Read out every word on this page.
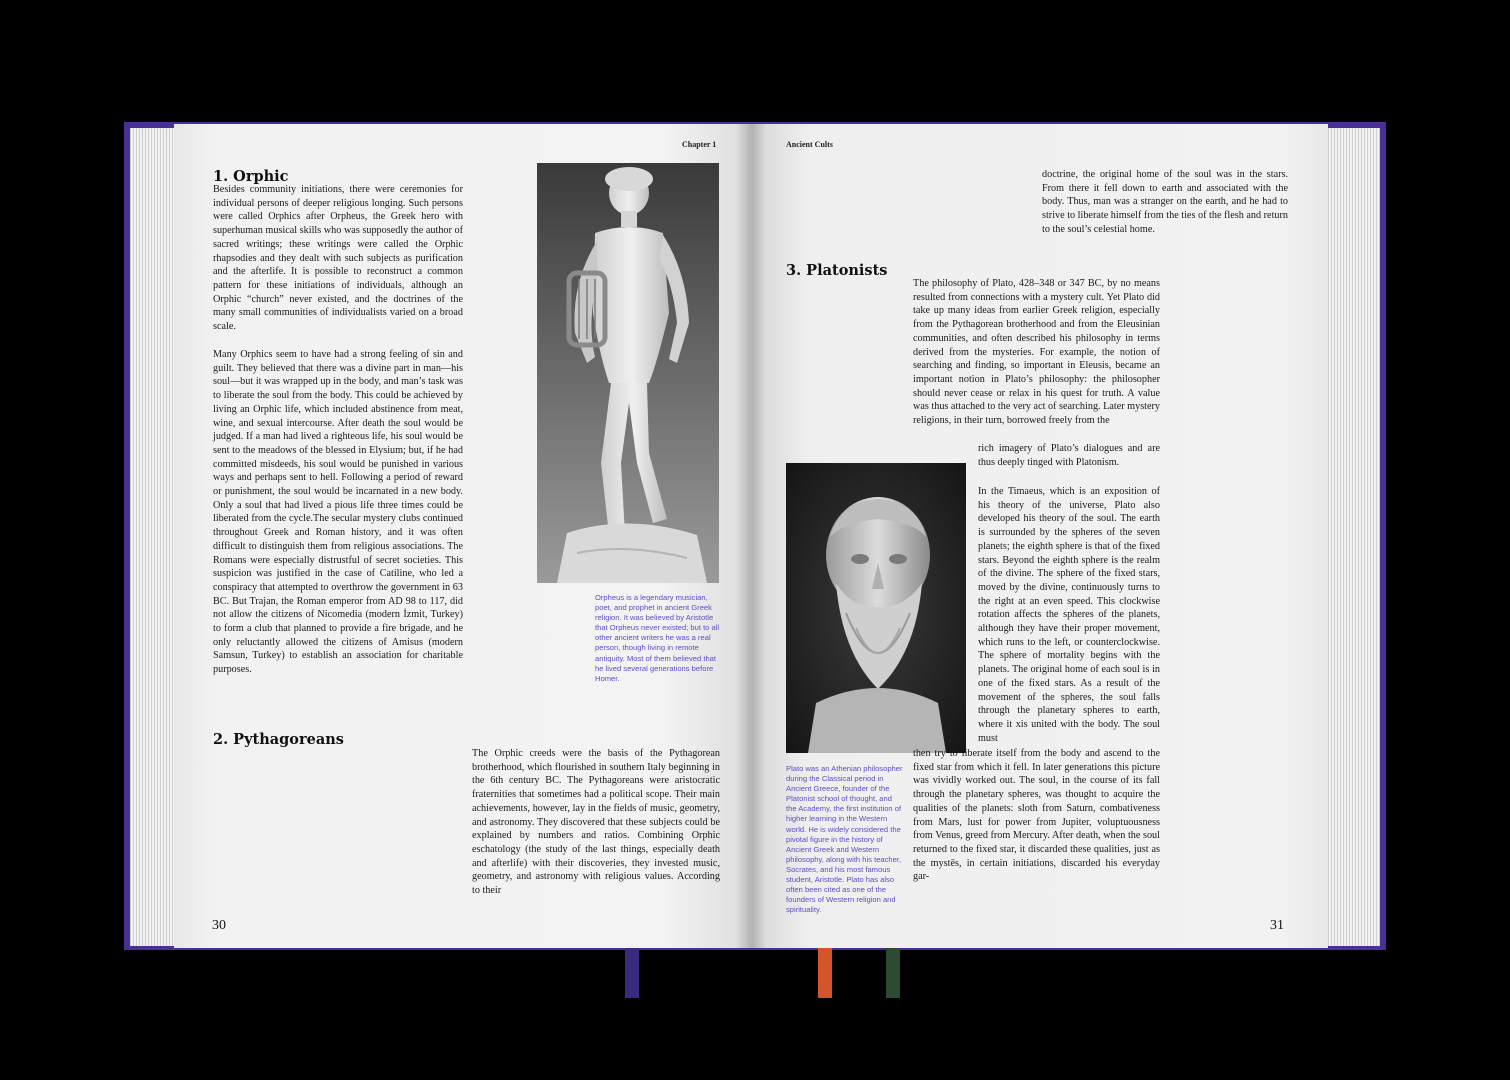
Chapter 1

1. Orphic

Besides community initiations, there were ceremonies for individual persons of deeper religious longing. Such persons were called Orphics after Orpheus, the Greek hero with superhuman musical skills who was supposedly the author of sacred writings; these writings were called the Orphic rhapsodies and they dealt with such subjects as purification and the afterlife. It is possible to reconstruct a common pattern for these initiations of individuals, although an Orphic “church” never existed, and the doctrines of the many small communities of individualists varied on a broad scale.

Many Orphics seem to have had a strong feeling of sin and guilt. They believed that there was a divine part in man—his soul—but it was wrapped up in the body, and man’s task was to liberate the soul from the body. This could be achieved by living an Orphic life, which included abstinence from meat, wine, and sexual intercourse. After death the soul would be judged. If a man had lived a righteous life, his soul would be sent to the meadows of the blessed in Elysium; but, if he had committed misdeeds, his soul would be punished in various ways and perhaps sent to hell. Following a period of reward or punishment, the soul would be incarnated in a new body. Only a soul that had lived a pious life three times could be liberated from the cycle.The secular mystery clubs continued throughout Greek and Roman history, and it was often difficult to distinguish them from religious associations. The Romans were especially distrustful of secret societies. This suspicion was justified in the case of Catiline, who led a conspiracy that attempted to overthrow the government in 63 BC. But Trajan, the Roman emperor from AD 98 to 117, did not allow the citizens of Nicomedia (modern İzmit, Turkey) to form a club that planned to provide a fire brigade, and he only reluctantly allowed the citizens of Amisus (modern Samsun, Turkey) to establish an association for charitable purposes.

Orpheus is a legendary musician, poet, and prophet in ancient Greek religion. It was believed by Aristotle that Orpheus never existed; but to all other ancient writers he was a real person, though living in remote antiquity. Most of them believed that he lived several generations before Homer.

2. Pythagoreans

The Orphic creeds were the basis of the Pythagorean brotherhood, which flourished in southern Italy beginning in the 6th century BC. The Pythagoreans were aristocratic fraternities that sometimes had a political scope. Their main achievements, however, lay in the fields of music, geometry, and astronomy. They discovered that these subjects could be explained by numbers and ratios. Combining Orphic eschatology (the study of the last things, especially death and afterlife) with their discoveries, they invested music, geometry, and astronomy with religious values. According to their

30

Ancient Cults

doctrine, the original home of the soul was in the stars. From there it fell down to earth and associated with the body. Thus, man was a stranger on the earth, and he had to strive to liberate himself from the ties of the flesh and return to the soul’s celestial home.

3. Platonists

The philosophy of Plato, 428–348 or 347 BC, by no means resulted from connections with a mystery cult. Yet Plato did take up many ideas from earlier Greek religion, especially from the Pythagorean brotherhood and from the Eleusinian communities, and often described his philosophy in terms derived from the mysteries. For example, the notion of searching and finding, so important in Eleusis, became an important notion in Plato’s philosophy: the philosopher should never cease or relax in his quest for truth. A value was thus attached to the very act of searching. Later mystery religions, in their turn, borrowed freely from the

rich imagery of Plato’s dialogues and are thus deeply tinged with Platonism.

Plato was an Athenian philosopher during the Classical period in Ancient Greece, founder of the Platonist school of thought, and the Academy, the first institution of higher learning in the Western world. He is widely considered the pivotal figure in the history of Ancient Greek and Western philosophy, along with his teacher, Socrates, and his most famous student, Aristotle. Plato has also often been cited as one of the founders of Western religion and spirituality.

In the Timaeus, which is an exposition of his theory of the universe, Plato also developed his theory of the soul. The earth is surrounded by the spheres of the seven planets; the eighth sphere is that of the fixed stars. Beyond the eighth sphere is the realm of the divine. The sphere of the fixed stars, moved by the divine, continuously turns to the right at an even speed. This clockwise rotation affects the spheres of the planets, although they have their proper movement, which runs to the left, or counterclockwise. The sphere of mortality begins with the planets. The original home of each soul is in one of the fixed stars. As a result of the movement of the spheres, the soul falls through the planetary spheres to earth, where it xis united with the body. The soul must

then try to liberate itself from the body and ascend to the fixed star from which it fell. In later generations this picture was vividly worked out. The soul, in the course of its fall through the planetary spheres, was thought to acquire the qualities of the planets: sloth from Saturn, combativeness from Mars, lust for power from Jupiter, voluptuousness from Venus, greed from Mercury. After death, when the soul returned to the fixed star, it discarded these qualities, just as the mystēs, in certain initiations, discarded his everyday gar-

31
